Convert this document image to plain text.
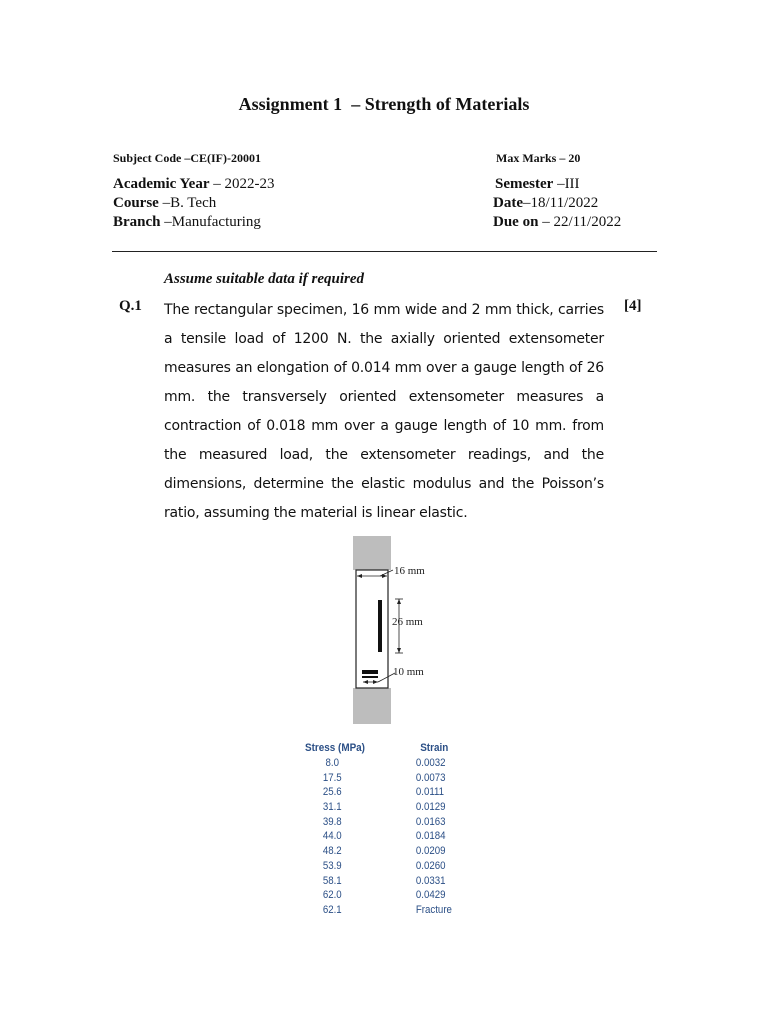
Assignment 1 – Strength of Materials
Subject Code –CE(IF)-20001	Max Marks – 20
Academic Year – 2022-23	Semester –III
Course –B. Tech	Date–18/11/2022
Branch –Manufacturing	Due on – 22/11/2022
Assume suitable data if required
Q.1	[4]
The rectangular specimen, 16 mm wide and 2 mm thick, carries a tensile load of 1200 N. the axially oriented extensometer measures an elongation of 0.014 mm over a gauge length of 26 mm. the transversely oriented extensometer measures a contraction of 0.018 mm over a gauge length of 10 mm. from the measured load, the extensometer readings, and the dimensions, determine the elastic modulus and the Poisson’s ratio, assuming the material is linear elastic.
16 mm
26 mm
10 mm
Stress (MPa)	Strain
8.0	0.0032
17.5	0.0073
25.6	0.0111
31.1	0.0129
39.8	0.0163
44.0	0.0184
48.2	0.0209
53.9	0.0260
58.1	0.0331
62.0	0.0429
62.1	Fracture
